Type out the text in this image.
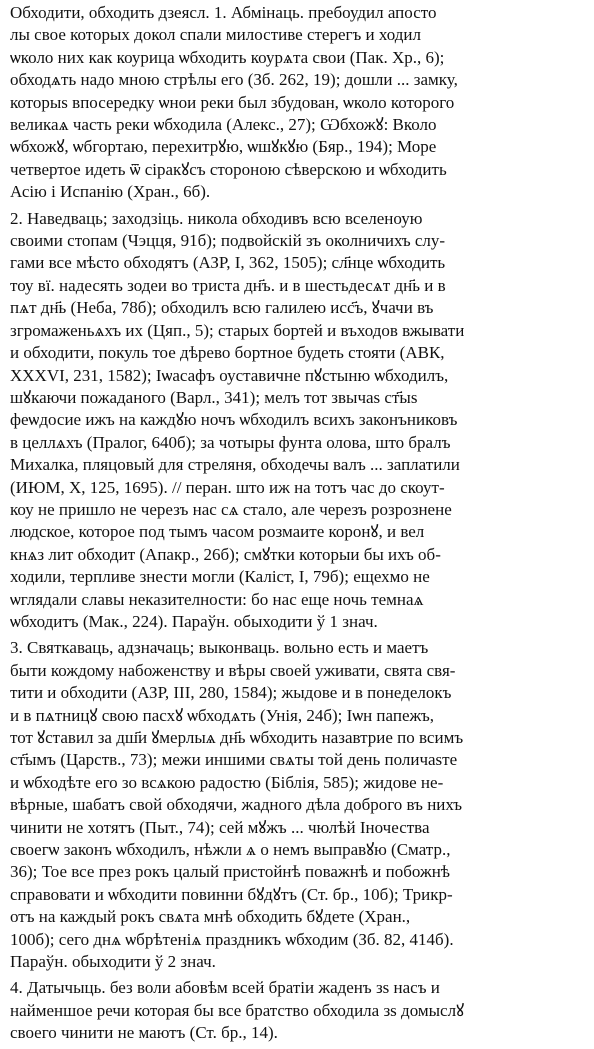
Обходити, обходить дзеясл. 1. Абмінаць. пребоудил апосто
лы свое которых докол спали милостиве стерегъ и ходил
ѡколо них как коурица ѡбходить коурѧта свои (Пак. Хр., 6);
обходѧть надо мною стрѣлы его (Зб. 262, 19); дошли ... замку,
которыѕ впосередку ѡнои реки был збудован, ѡколо которого
великаѧ часть реки ѡбходила (Алекс., 27); Ѡбхожꙋ: Вколо
ѡбхожꙋ, ѡбгортаю, перехитрꙋю, ѡшꙋкꙋю (Бяр., 194); Море
четвертое идеть ѿ сіракꙋсъ стороною сѣверскою и ѡбходить
Асію і Испанію (Хран., 6б).
2. Наведваць; заходзіць. никола обходивъ всю вселеноую
своими стопам (Чэцця, 91б); подвойскій зъ околничихъ слу-
гами все мѣсто обходятъ (АЗР, I, 362, 1505); сл҃нце ѡбходить
тоу вї. надесять зодеи во триста дн҃ъ. и в шестьдесѧт дн҃ь и в
пѧт дн҃ь (Неба, 78б); обходилъ всю галилею исс҃ъ, ꙋчачи въ
згромаженьѧхъ их (Цяп., 5); старых бортей и въходов вжывати
и обходити, покуль тое дѣрево бортное будеть стояти (АВК,
XXXVI, 231, 1582); Іѡасафъ оуставичне пꙋстыню ѡбходилъ,
шꙋкаючи пожаданого (Варл., 341); мелъ тот звычаѕ ст҃ыѕ
феѡдосие ижъ на каждꙋю ночъ ѡбходилъ всихъ законъниковъ
в целлѧхъ (Пралог, 640б); за чотыры фунта олова, што бралъ
Михалка, пляцовый для стреляня, обходечы валъ ... заплатили
(ИЮМ, X, 125, 1695). // перан. што иж на тотъ час до скоут-
коу не пришло не черезъ нас сѧ стало, але черезъ розрознене
людское, которое под тымъ часом розмаите коронꙋ, и вел
кнѧз лит обходит (Апакр., 26б); смꙋтки которыи бы ихъ об-
ходили, терпливе знести могли (Каліст, I, 79б); ещехмо не
ѡглядали славы неказителности: бо нас еще ночь темнаѧ
ѡбходитъ (Мак., 224). Параўн. обыходити ў 1 знач.
3. Святкаваць, адзначаць; выконваць. вольно есть и маетъ
быти кождому набоженству и вѣры своей уживати, свята свя-
тити и обходити (АЗР, III, 280, 1584); жыдове и в понеделокъ
и в пѧтницꙋ свою пасхꙋ ѡбходѧть (Унія, 24б); Іѡн папежъ,
тот ꙋставил за дш҃и ꙋмерлыѧ дн҃ь ѡбходить назавтрие по всимъ
ст҃ымъ (Царств., 73); межи иншими свѧты той день полича͏ѕте
и ѡбходѣте его зо всѧкою радостю (Біблія, 585); жидове не-
вѣрные, шабатъ свой обходячи, жадного дѣла доброго въ нихъ
чинити не хотятъ (Пыт., 74); сей мꙋжъ ... чюлѣй Іночества
своегѡ законъ ѡбходилъ, нѣжли ѧ о немъ выправꙋю (Сматр.,
36); Тое все през рокъ цалый пристойнѣ поважнѣ и побожнѣ
справовати и ѡбходити повинни бꙋдꙋтъ (Ст. бр., 10б); Трикр-
отъ на каждый рокъ свѧта мнѣ обходить бꙋдете (Хран.,
100б); сего днѧ ѡбрѣтенiѧ праздникъ ѡбходим (Зб. 82, 414б).
Параўн. обыходити ў 2 знач.
4. Датычыць. без воли абовѣм всей братіи жаденъ зѕ насъ и
найменшое речи которая бы все братство обходила зѕ домыслꙋ
своего чинити не маютъ (Ст. бр., 14).
